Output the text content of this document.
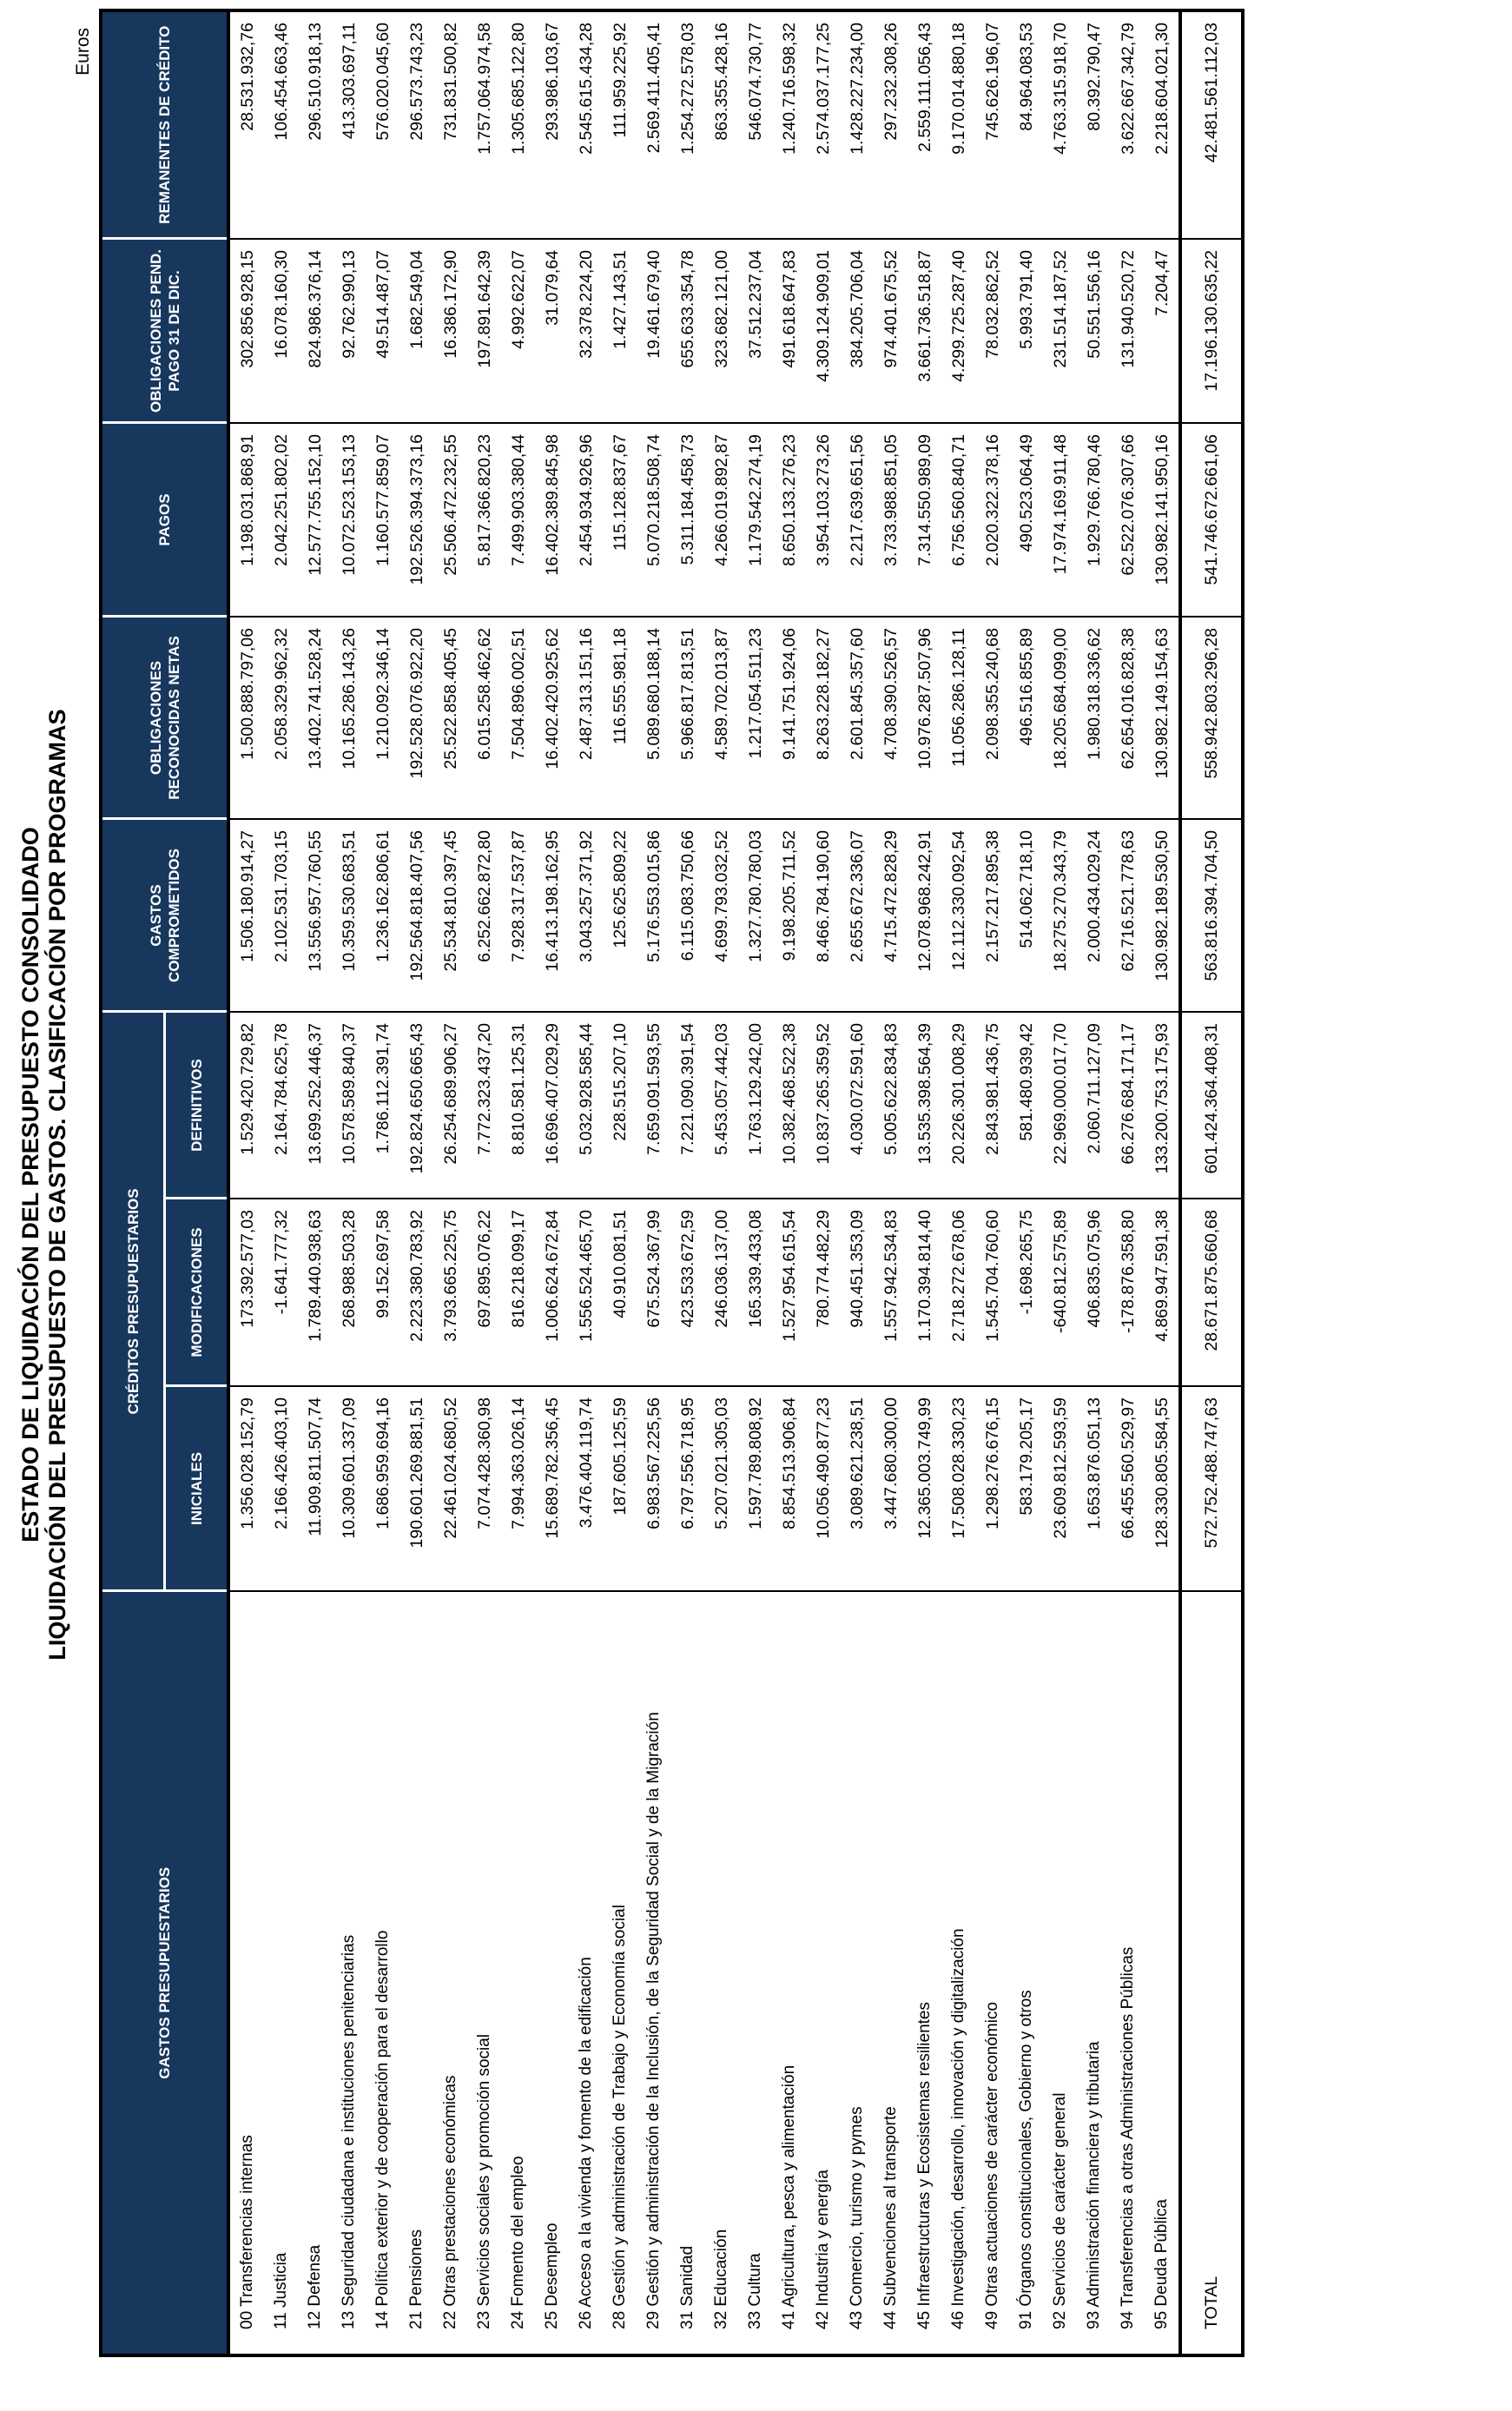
ESTADO DE LIQUIDACIÓN DEL PRESUPUESTO CONSOLIDADO LIQUIDACIÓN DEL PRESUPUESTO DE GASTOS. CLASIFICACIÓN POR PROGRAMAS
Euros
GASTOS PRESUPUESTARIOS	CRÉDITOS PRESUPUESTARIOS			GASTOS COMPROMETIDOS	OBLIGACIONES RECONOCIDAS NETAS	PAGOS	OBLIGACIONES PEND. PAGO 31 DE DIC.	REMANENTES DE CRÉDITO
	INICIALES	MODIFICACIONES	DEFINITIVOS					
00 Transferencias internas	1.356.028.152,79	173.392.577,03	1.529.420.729,82	1.506.180.914,27	1.500.888.797,06	1.198.031.868,91	302.856.928,15	28.531.932,76
11 Justicia	2.166.426.403,10	-1.641.777,32	2.164.784.625,78	2.102.531.703,15	2.058.329.962,32	2.042.251.802,02	16.078.160,30	106.454.663,46
12 Defensa	11.909.811.507,74	1.789.440.938,63	13.699.252.446,37	13.556.957.760,55	13.402.741.528,24	12.577.755.152,10	824.986.376,14	296.510.918,13
13 Seguridad ciudadana e instituciones penitenciarias	10.309.601.337,09	268.988.503,28	10.578.589.840,37	10.359.530.683,51	10.165.286.143,26	10.072.523.153,13	92.762.990,13	413.303.697,11
14 Política exterior y de cooperación para el desarrollo	1.686.959.694,16	99.152.697,58	1.786.112.391,74	1.236.162.806,61	1.210.092.346,14	1.160.577.859,07	49.514.487,07	576.020.045,60
21 Pensiones	190.601.269.881,51	2.223.380.783,92	192.824.650.665,43	192.564.818.407,56	192.528.076.922,20	192.526.394.373,16	1.682.549,04	296.573.743,23
22 Otras prestaciones económicas	22.461.024.680,52	3.793.665.225,75	26.254.689.906,27	25.534.810.397,45	25.522.858.405,45	25.506.472.232,55	16.386.172,90	731.831.500,82
23 Servicios sociales y promoción social	7.074.428.360,98	697.895.076,22	7.772.323.437,20	6.252.662.872,80	6.015.258.462,62	5.817.366.820,23	197.891.642,39	1.757.064.974,58
24 Fomento del empleo	7.994.363.026,14	816.218.099,17	8.810.581.125,31	7.928.317.537,87	7.504.896.002,51	7.499.903.380,44	4.992.622,07	1.305.685.122,80
25 Desempleo	15.689.782.356,45	1.006.624.672,84	16.696.407.029,29	16.413.198.162,95	16.402.420.925,62	16.402.389.845,98	31.079,64	293.986.103,67
26 Acceso a la vivienda y fomento de la edificación	3.476.404.119,74	1.556.524.465,70	5.032.928.585,44	3.043.257.371,92	2.487.313.151,16	2.454.934.926,96	32.378.224,20	2.545.615.434,28
28 Gestión y administración de Trabajo y Economía social	187.605.125,59	40.910.081,51	228.515.207,10	125.625.809,22	116.555.981,18	115.128.837,67	1.427.143,51	111.959.225,92
29 Gestión y administración de la Inclusión, de la Seguridad Social y de la Migración	6.983.567.225,56	675.524.367,99	7.659.091.593,55	5.176.553.015,86	5.089.680.188,14	5.070.218.508,74	19.461.679,40	2.569.411.405,41
31 Sanidad	6.797.556.718,95	423.533.672,59	7.221.090.391,54	6.115.083.750,66	5.966.817.813,51	5.311.184.458,73	655.633.354,78	1.254.272.578,03
32 Educación	5.207.021.305,03	246.036.137,00	5.453.057.442,03	4.699.793.032,52	4.589.702.013,87	4.266.019.892,87	323.682.121,00	863.355.428,16
33 Cultura	1.597.789.808,92	165.339.433,08	1.763.129.242,00	1.327.780.780,03	1.217.054.511,23	1.179.542.274,19	37.512.237,04	546.074.730,77
41 Agricultura, pesca y alimentación	8.854.513.906,84	1.527.954.615,54	10.382.468.522,38	9.198.205.711,52	9.141.751.924,06	8.650.133.276,23	491.618.647,83	1.240.716.598,32
42 Industria y energía	10.056.490.877,23	780.774.482,29	10.837.265.359,52	8.466.784.190,60	8.263.228.182,27	3.954.103.273,26	4.309.124.909,01	2.574.037.177,25
43 Comercio, turismo y pymes	3.089.621.238,51	940.451.353,09	4.030.072.591,60	2.655.672.336,07	2.601.845.357,60	2.217.639.651,56	384.205.706,04	1.428.227.234,00
44 Subvenciones al transporte	3.447.680.300,00	1.557.942.534,83	5.005.622.834,83	4.715.472.828,29	4.708.390.526,57	3.733.988.851,05	974.401.675,52	297.232.308,26
45 Infraestructuras y Ecosistemas resilientes	12.365.003.749,99	1.170.394.814,40	13.535.398.564,39	12.078.968.242,91	10.976.287.507,96	7.314.550.989,09	3.661.736.518,87	2.559.111.056,43
46 Investigación, desarrollo, innovación y digitalización	17.508.028.330,23	2.718.272.678,06	20.226.301.008,29	12.112.330.092,54	11.056.286.128,11	6.756.560.840,71	4.299.725.287,40	9.170.014.880,18
49 Otras actuaciones de carácter económico	1.298.276.676,15	1.545.704.760,60	2.843.981.436,75	2.157.217.895,38	2.098.355.240,68	2.020.322.378,16	78.032.862,52	745.626.196,07
91 Órganos constitucionales, Gobierno y otros	583.179.205,17	-1.698.265,75	581.480.939,42	514.062.718,10	496.516.855,89	490.523.064,49	5.993.791,40	84.964.083,53
92 Servicios de carácter general	23.609.812.593,59	-640.812.575,89	22.969.000.017,70	18.275.270.343,79	18.205.684.099,00	17.974.169.911,48	231.514.187,52	4.763.315.918,70
93 Administración financiera y tributaria	1.653.876.051,13	406.835.075,96	2.060.711.127,09	2.000.434.029,24	1.980.318.336,62	1.929.766.780,46	50.551.556,16	80.392.790,47
94 Transferencias a otras Administraciones Públicas	66.455.560.529,97	-178.876.358,80	66.276.684.171,17	62.716.521.778,63	62.654.016.828,38	62.522.076.307,66	131.940.520,72	3.622.667.342,79
95 Deuda Pública	128.330.805.584,55	4.869.947.591,38	133.200.753.175,93	130.982.189.530,50	130.982.149.154,63	130.982.141.950,16	7.204,47	2.218.604.021,30
TOTAL	572.752.488.747,63	28.671.875.660,68	601.424.364.408,31	563.816.394.704,50	558.942.803.296,28	541.746.672.661,06	17.196.130.635,22	42.481.561.112,03
